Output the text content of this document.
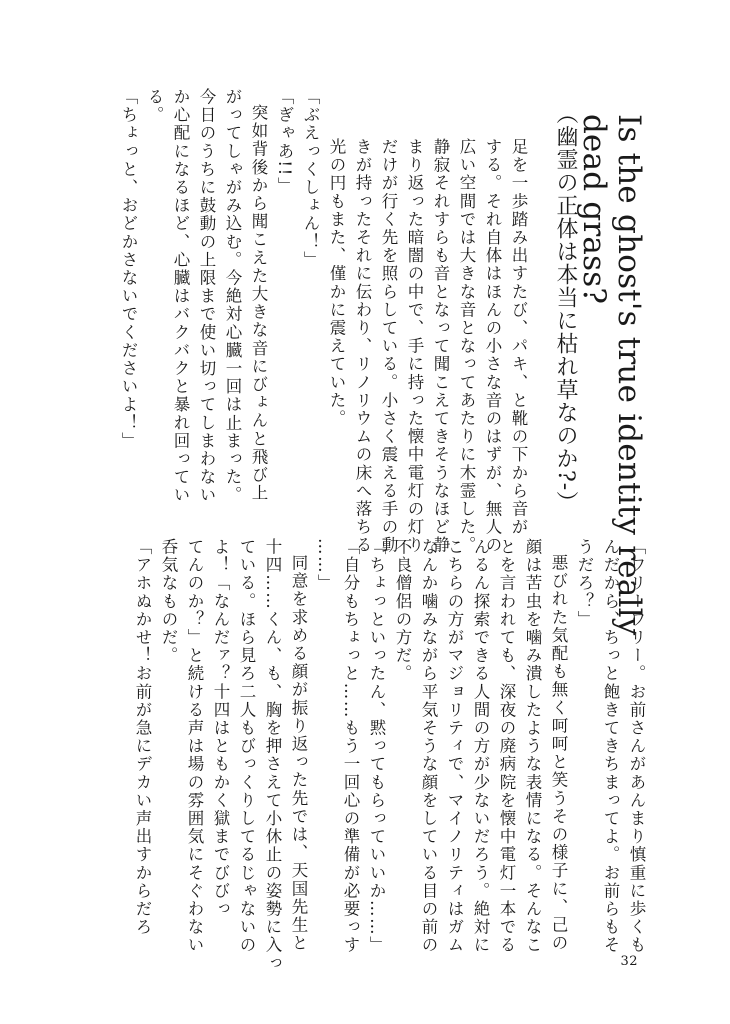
Is the ghost's true identity really
dead grass?
（幽霊の正体は本当に枯れ草なのか?‐）

足を一歩踏み出すたび、パキ、と靴の下から音が

する。それ自体はほんの小さな音のはずが、無人の

広い空間では大きな音となってあたりに木霊した。

静寂それすらも音となって聞こえてきそうなほど静

まり返った暗闇の中で、手に持った懐中電灯の灯り

だけが行く先を照らしている。小さく震える手の動

きが持ったそれに伝わり、リノリウムの床へ落ちる

光の円もまた、僅かに震えていた。

「ぶえっくしょん！」

「ぎゃあ!!」

突如背後から聞こえた大きな音にびょんと飛び上

がってしゃがみ込む。今絶対心臓一回は止まった。

今日のうちに鼓動の上限まで使い切ってしまわない

か心配になるほど、心臓はバクバクと暴れ回ってい

る。

「ちょっと、おどかさないでくださいよ！」

「ワリーワリー。お前さんがあんまり慎重に歩くも

んだから、ちっと飽きてきちまってよ。お前らもそ

うだろ？」

悪びれた気配も無く呵呵と笑うその様子に、己の

顔は苦虫を噛み潰したような表情になる。そんなこ

とを言われても、深夜の廃病院を懐中電灯一本でる

んるん探索できる人間の方が少ないだろう。絶対に

こちらの方がマジョリティで、マイノリティはガム

なんか噛みながら平気そうな顔をしている目の前の

不良僧侶の方だ。

「ちょっといったん、黙ってもらっていいか……」

「自分もちょっと……もう一回心の準備が必要っす

……」

同意を求める顔が振り返った先では、天国先生と

十四……くん、も、胸を押さえて小休止の姿勢に入っ

ている。ほら見ろ二人もびっくりしてるじゃないの

よ！「なんだァ？十四はともかく獄までびびっ

てんのか？」と続ける声は場の雰囲気にそぐわない

呑気なものだ。

「アホぬかせ！お前が急にデカい声出すからだろ

32
